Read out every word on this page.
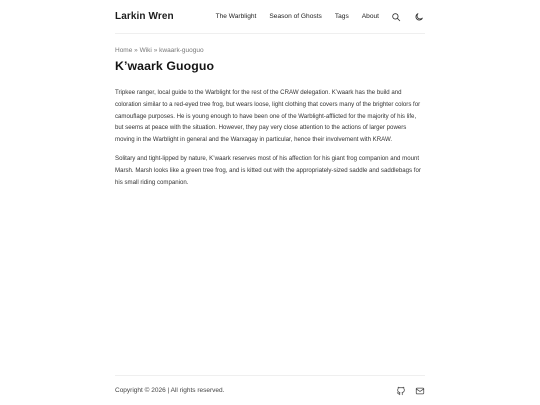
Larkin Wren	The Warblight Season of Ghosts Tags About
Home » Wiki » kwaark-guoguo
K’waark Guoguo

Tripkee ranger, local guide to the Warblight for the rest of the CRAW delegation. K’waark has the build and coloration similar to a red-eyed tree frog, but wears loose, light clothing that covers many of the brighter colors for camouflage purposes. He is young enough to have been one of the Warblight-afflicted for the majority of his life, but seems at peace with the situation. However, they pay very close attention to the actions of larger powers moving in the Warblight in general and the Warxagay in particular, hence their involvement with KRAW.

Solitary and tight-lipped by nature, K’waark reserves most of his affection for his giant frog companion and mount Marsh. Marsh looks like a green tree frog, and is kitted out with the appropriately-sized saddle and saddlebags for his small riding companion.

Copyright © 2026 | All rights reserved.
